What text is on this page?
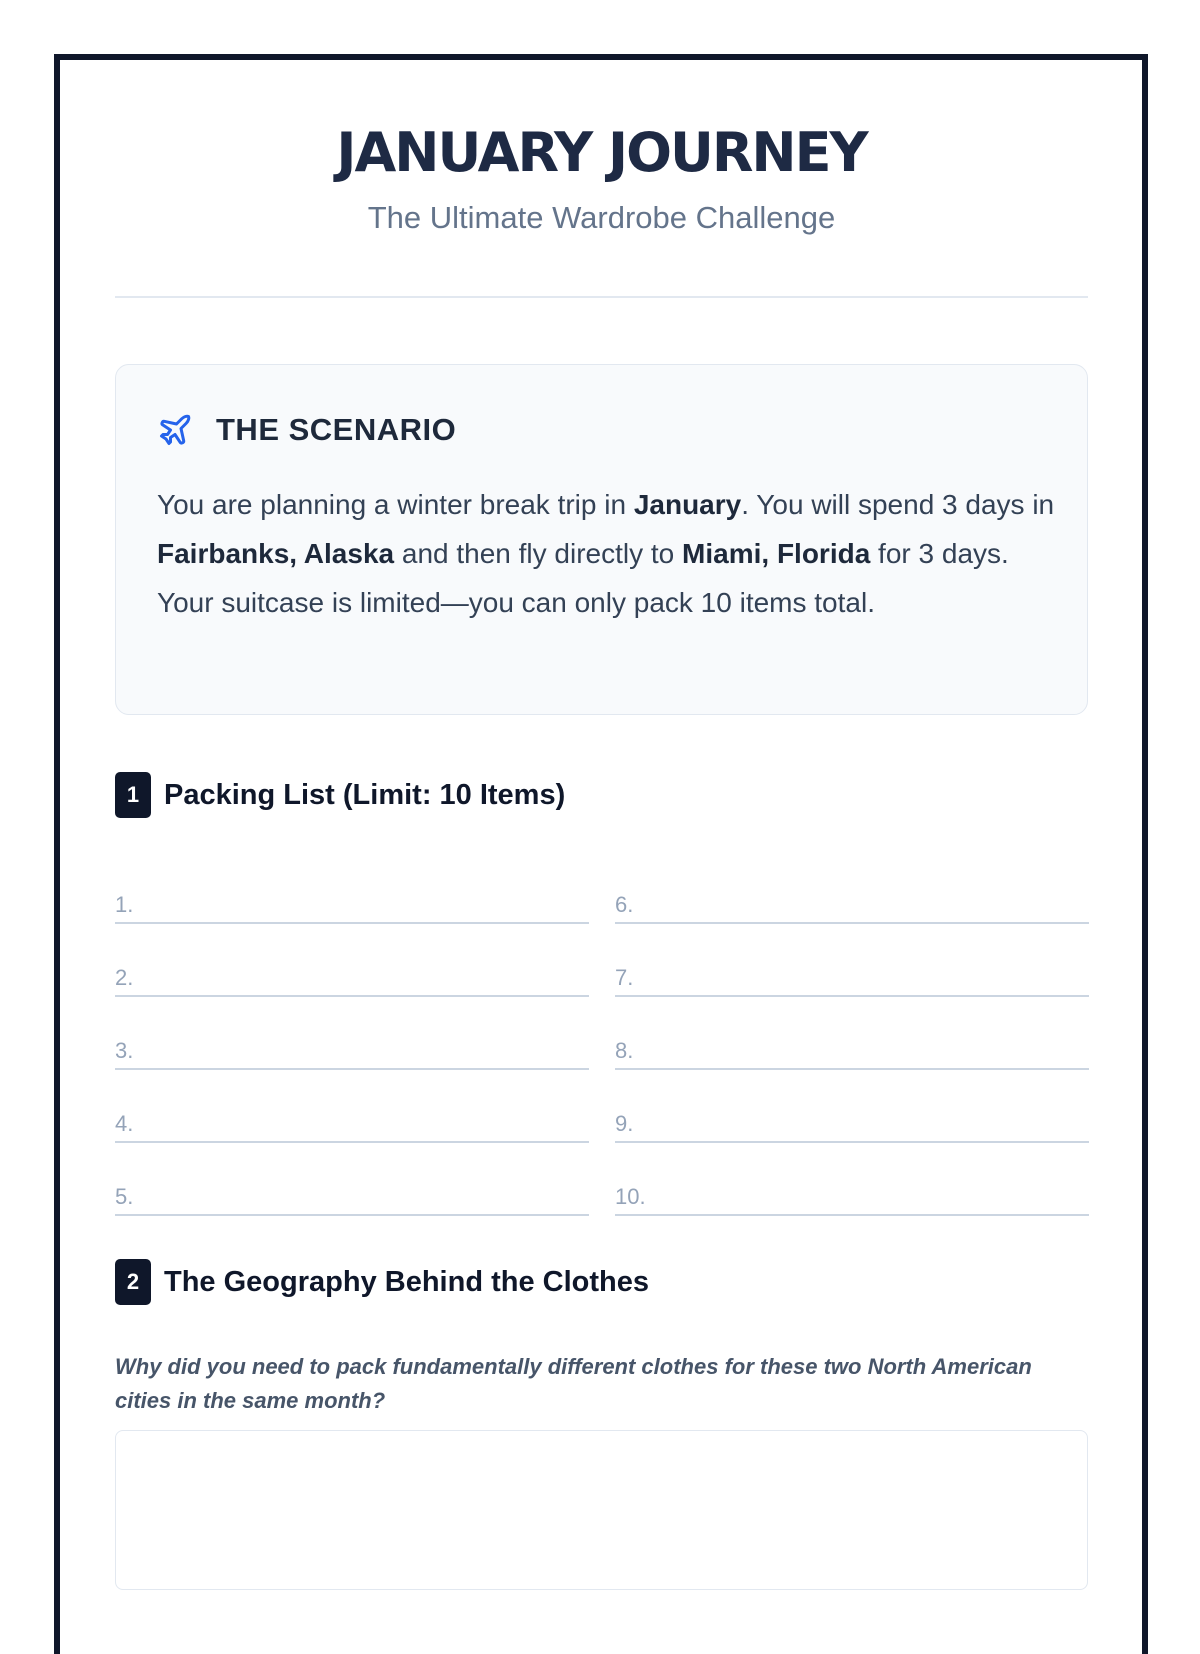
JANUARY JOURNEY
The Ultimate Wardrobe Challenge
THE SCENARIO

You are planning a winter break trip in January. You will spend 3 days in Fairbanks, Alaska and then fly directly to Miami, Florida for 3 days. Your suitcase is limited—you can only pack 10 items total.

1 Packing List (Limit: 10 Items)
1.
2.
3.
4.
5.
6.
7.
8.
9.
10.
2 The Geography Behind the Clothes

Why did you need to pack fundamentally different clothes for these two North American cities in the same month?
